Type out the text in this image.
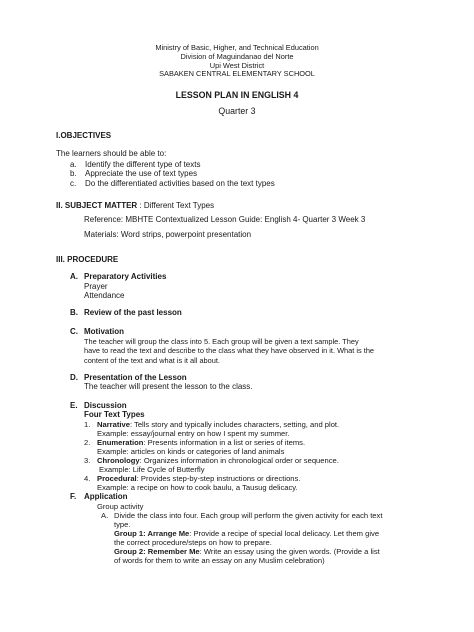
Ministry of Basic, Higher, and Technical Education
Division of Maguindanao del Norte
Upi West District
SABAKEN CENTRAL ELEMENTARY SCHOOL
LESSON PLAN IN ENGLISH 4
Quarter 3
I.OBJECTIVES
The learners should be able to:
a. Identify the different type of texts
b. Appreciate the use of text types
c. Do the differentiated activities based on the text types
II. SUBJECT MATTER : Different Text Types
Reference: MBHTE Contextualized Lesson Guide: English 4- Quarter 3 Week 3
Materials: Word strips, powerpoint presentation
III. PROCEDURE
A. Preparatory Activities
Prayer
Attendance
B. Review of the past lesson
C. Motivation
The teacher will group the class into 5. Each group will be given a text sample. They
have to read the text and describe to the class what they have observed in it. What is the
content of the text and what is it all about.
D. Presentation of the Lesson
The teacher will present the lesson to the class.
E. Discussion
Four Text Types
1. Narrative: Tells story and typically includes characters, setting, and plot.
Example: essay/journal entry on how I spent my summer.
2. Enumeration: Presents information in a list or series of items.
Example: articles on kinds or categories of land animals
3. Chronology: Organizes information in chronological order or sequence.
Example: Life Cycle of Butterfly
4. Procedural: Provides step-by-step instructions or directions.
Example: a recipe on how to cook baulu, a Tausug delicacy.
F. Application
Group activity
A. Divide the class into four. Each group will perform the given activity for each text
type.
Group 1: Arrange Me: Provide a recipe of special local delicacy. Let them give
the correct procedure/steps on how to prepare.
Group 2: Remember Me: Write an essay using the given words. (Provide a list
of words for them to write an essay on any Muslim celebration)
